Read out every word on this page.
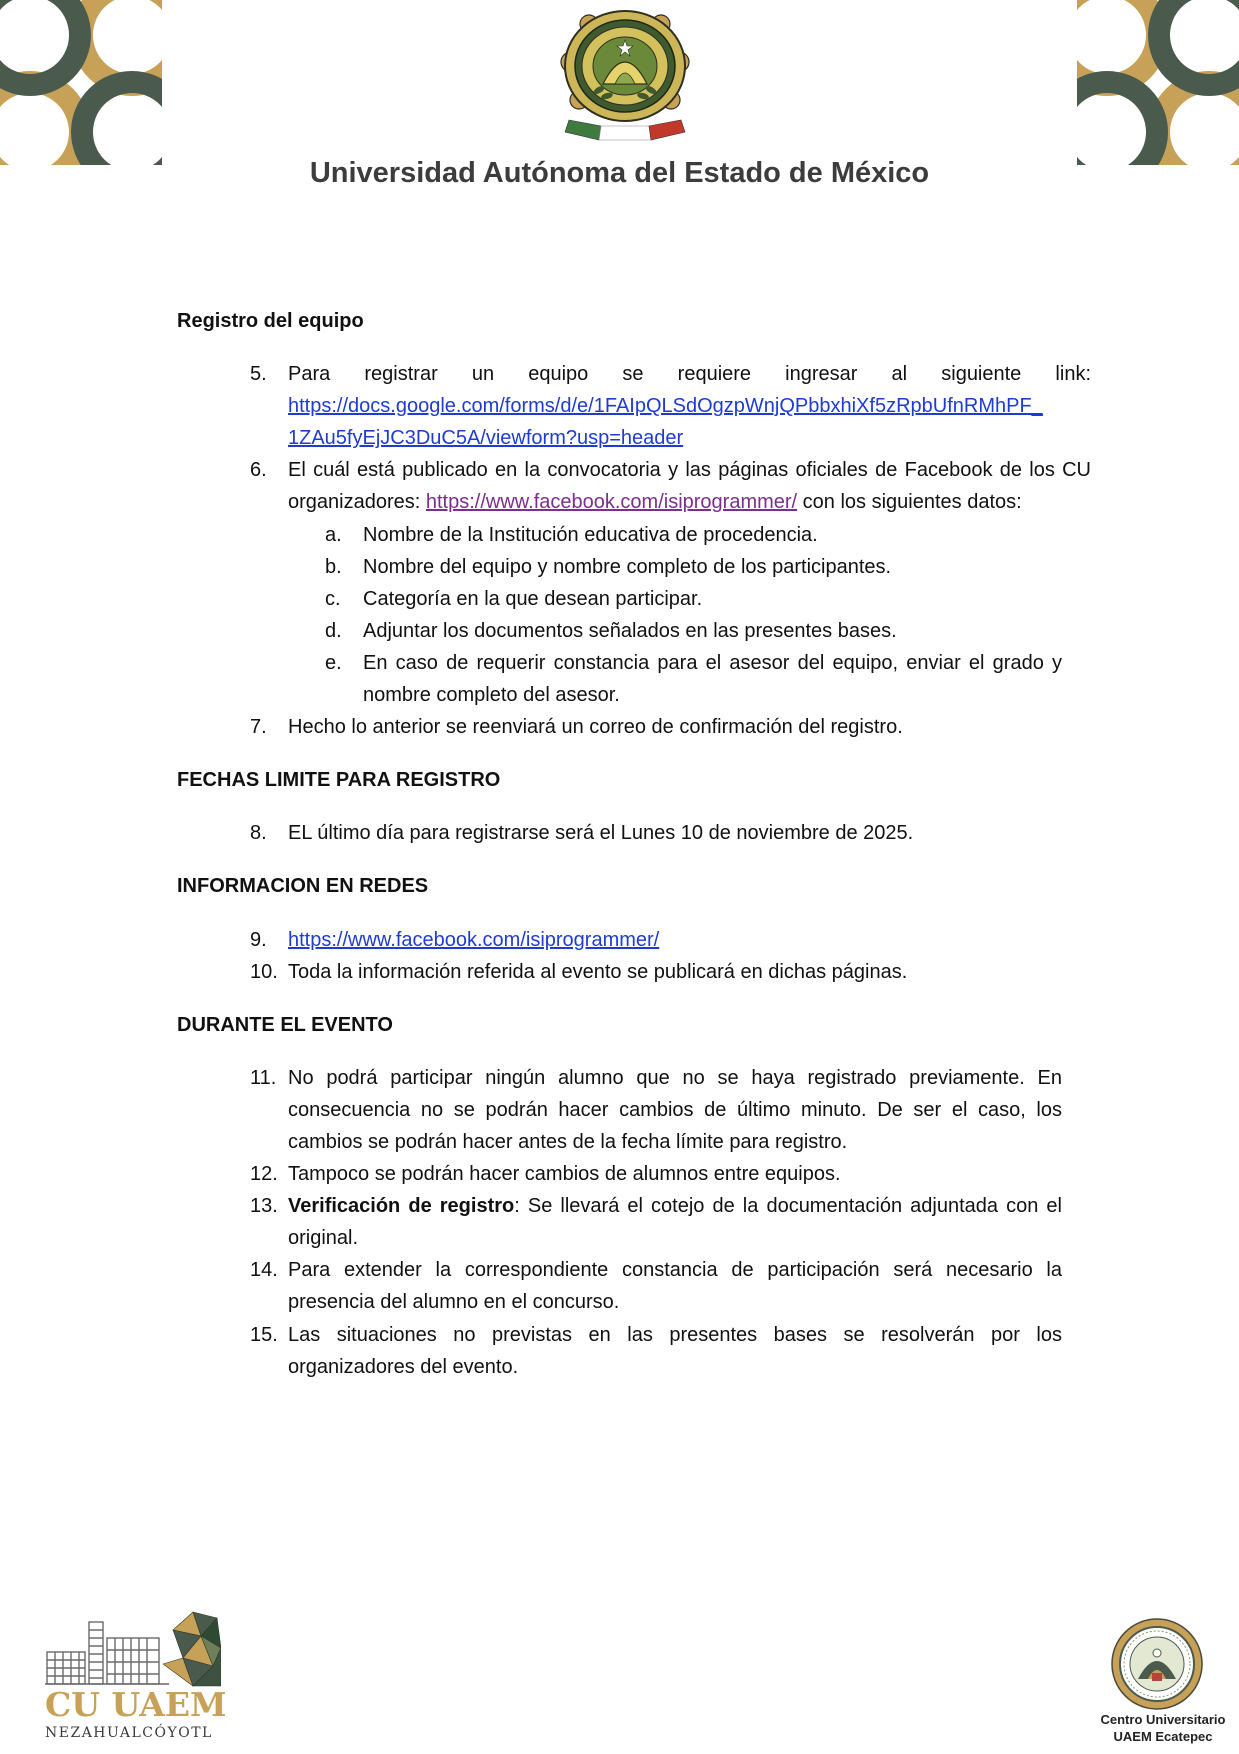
Universidad Autónoma del Estado de México
Registro del equipo
5. Para registrar un equipo se requiere ingresar al siguiente link:
https://docs.google.com/forms/d/e/1FAIpQLSdOgzpWnjQPbbxhiXf5zRpbUfnRMhPF_
1ZAu5fyEjJC3DuC5A/viewform?usp=header
6. El cuál está publicado en la convocatoria y las páginas oficiales de Facebook de los CU
organizadores: https://www.facebook.com/isiprogrammer/ con los siguientes datos:
a. Nombre de la Institución educativa de procedencia.
b. Nombre del equipo y nombre completo de los participantes.
c. Categoría en la que desean participar.
d. Adjuntar los documentos señalados en las presentes bases.
e. En caso de requerir constancia para el asesor del equipo, enviar el grado y
nombre completo del asesor.
7. Hecho lo anterior se reenviará un correo de confirmación del registro.
FECHAS LIMITE PARA REGISTRO
8. EL último día para registrarse será el Lunes 10 de noviembre de 2025.
INFORMACION EN REDES
9. https://www.facebook.com/isiprogrammer/
10. Toda la información referida al evento se publicará en dichas páginas.
DURANTE EL EVENTO
11. No podrá participar ningún alumno que no se haya registrado previamente. En
consecuencia no se podrán hacer cambios de último minuto. De ser el caso, los
cambios se podrán hacer antes de la fecha límite para registro.
12. Tampoco se podrán hacer cambios de alumnos entre equipos.
13. Verificación de registro: Se llevará el cotejo de la documentación adjuntada con el
original.
14. Para extender la correspondiente constancia de participación será necesario la
presencia del alumno en el concurso.
15. Las situaciones no previstas en las presentes bases se resolverán por los
organizadores del evento.
CU UAEM
NEZAHUALCÓYOTL
Centro Universitario
UAEM Ecatepec
